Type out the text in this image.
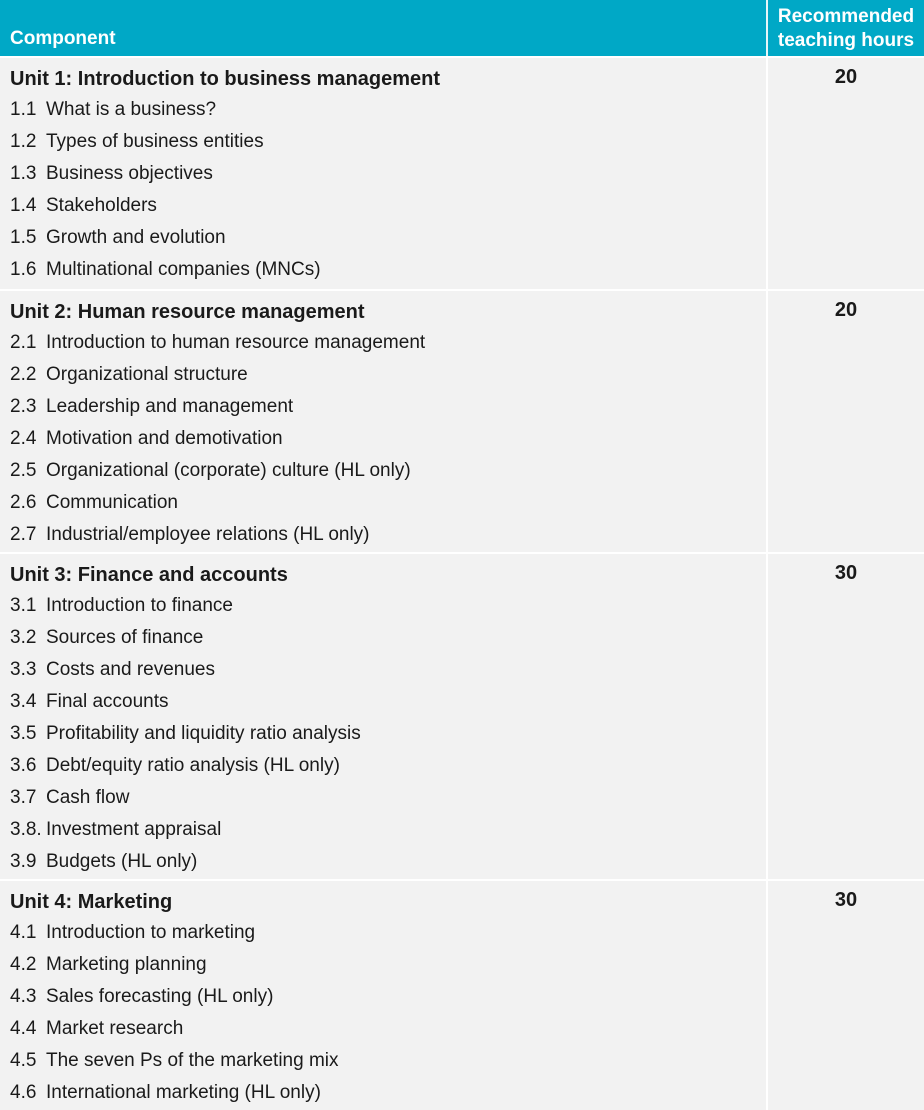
Component
Recommended
teaching hours
Unit 1: Introduction to business management
1.1 What is a business?
1.2 Types of business entities
1.3 Business objectives
1.4 Stakeholders
1.5 Growth and evolution
1.6 Multinational companies (MNCs)
20
Unit 2: Human resource management
2.1 Introduction to human resource management
2.2 Organizational structure
2.3 Leadership and management
2.4 Motivation and demotivation
2.5 Organizational (corporate) culture (HL only)
2.6 Communication
2.7 Industrial/employee relations (HL only)
20
Unit 3: Finance and accounts
3.1 Introduction to finance
3.2 Sources of finance
3.3 Costs and revenues
3.4 Final accounts
3.5 Profitability and liquidity ratio analysis
3.6 Debt/equity ratio analysis (HL only)
3.7 Cash flow
3.8. Investment appraisal
3.9 Budgets (HL only)
30
Unit 4: Marketing
4.1 Introduction to marketing
4.2 Marketing planning
4.3 Sales forecasting (HL only)
4.4 Market research
4.5 The seven Ps of the marketing mix
4.6 International marketing (HL only)
30
